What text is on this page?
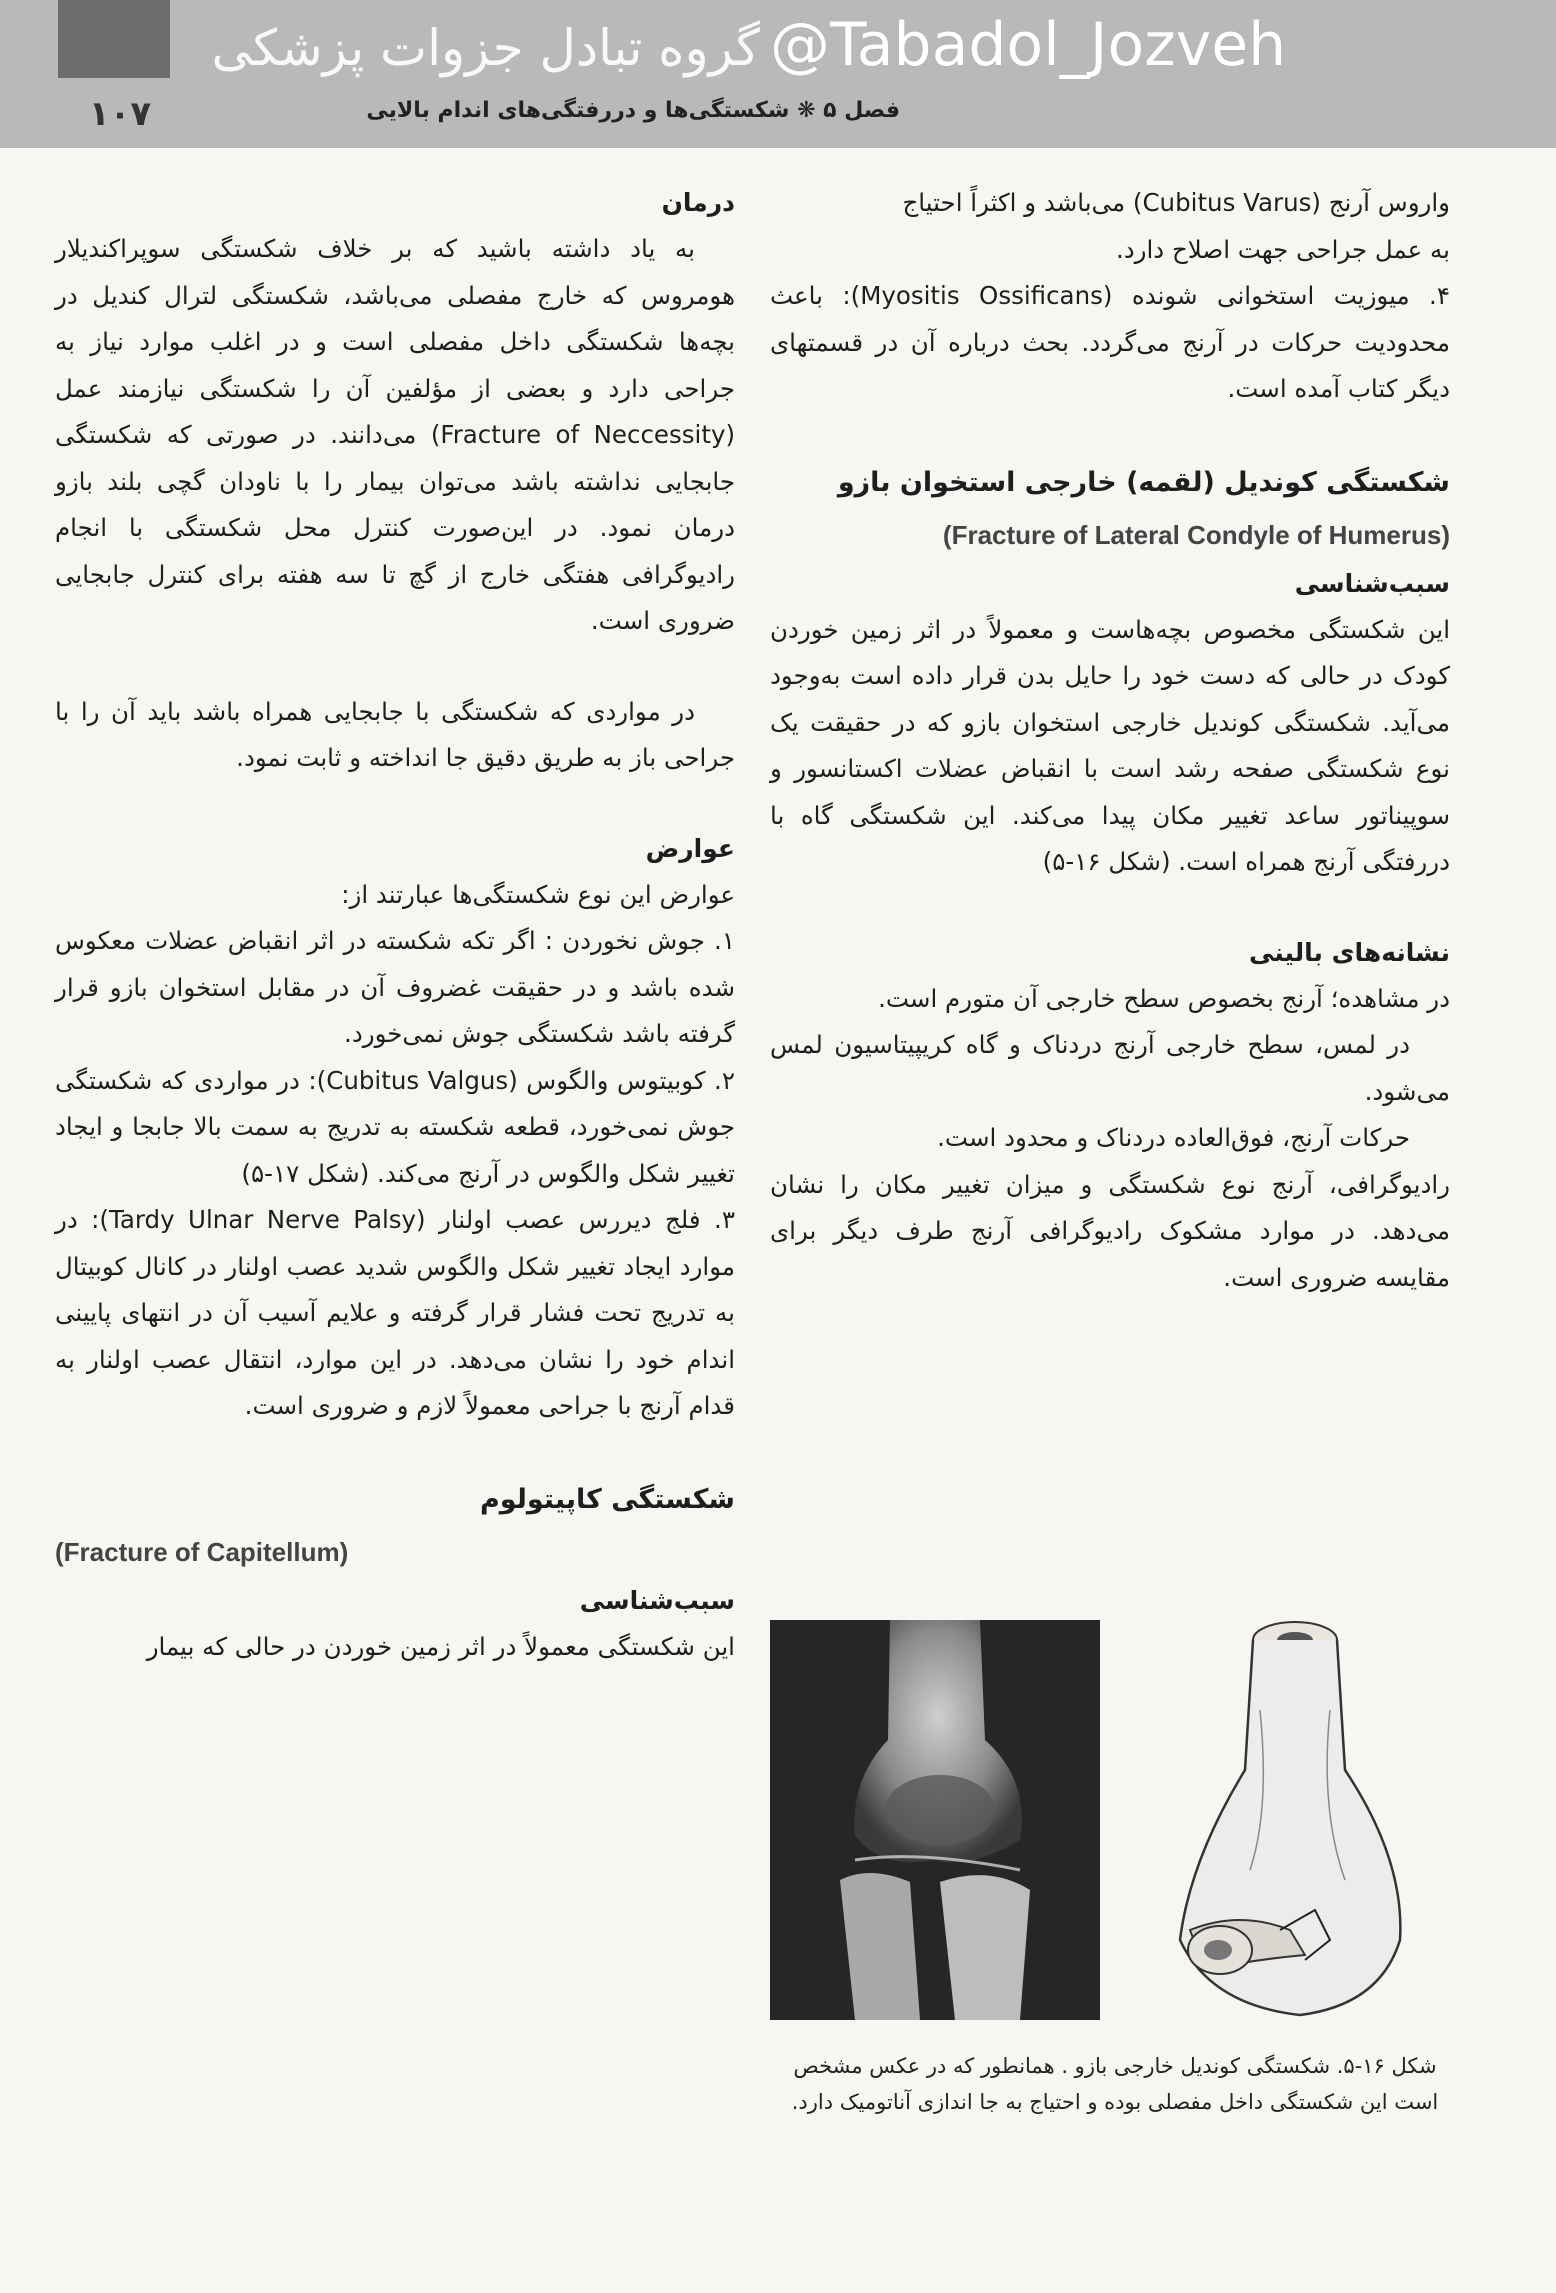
۱۰۷
گروه تبادل جزوات پزشکی @Tabadol_Jozveh
فصل ۵ ❋ شکستگی‌ها و دررفتگی‌های اندام بالایی

واروس آرنج (Cubitus Varus) می‌باشد و اکثراً احتیاج

به عمل جراحی جهت اصلاح دارد.

۴. میوزیت استخوانی شونده (Myositis Ossificans): باعث محدودیت حرکات در آرنج می‌گردد. بحث درباره آن در قسمتهای دیگر کتاب آمده است.

شکستگی کوندیل (لقمه) خارجی استخوان بازو

(Fracture of Lateral Condyle of Humerus)

سبب‌شناسی

این شکستگی مخصوص بچه‌هاست و معمولاً در اثر زمین خوردن کودک در حالی که دست خود را حایل بدن قرار داده است به‌وجود می‌آید. شکستگی کوندیل خارجی استخوان بازو که در حقیقت یک نوع شکستگی صفحه رشد است با انقباض عضلات اکستانسور و سوپیناتور ساعد تغییر مکان پیدا می‌کند. این شکستگی گاه با دررفتگی آرنج همراه است. (شکل ۱۶-۵)

نشانه‌های بالینی

در مشاهده؛ آرنج بخصوص سطح خارجی آن متورم است.

در لمس، سطح خارجی آرنج دردناک و گاه کریپیتاسیون لمس می‌شود.

حرکات آرنج، فوق‌العاده دردناک و محدود است.

رادیوگرافی، آرنج نوع شکستگی و میزان تغییر مکان را نشان می‌دهد. در موارد مشکوک رادیوگرافی آرنج طرف دیگر برای مقایسه ضروری است.

شکل ۱۶-۵. شکستگی کوندیل خارجی بازو . همانطور که در عکس مشخص است این شکستگی داخل مفصلی بوده و احتیاج به جا اندازی آناتومیک دارد.

درمان

به یاد داشته باشید که بر خلاف شکستگی سوپراکندیلار هومروس که خارج مفصلی می‌باشد، شکستگی لترال کندیل در بچه‌ها شکستگی داخل مفصلی است و در اغلب موارد نیاز به جراحی دارد و بعضی از مؤلفین آن را شکستگی نیازمند عمل (Fracture of Neccessity) می‌دانند. در صورتی که شکستگی جابجایی نداشته باشد می‌توان بیمار را با ناودان گچی بلند بازو درمان نمود. در این‌صورت کنترل محل شکستگی با انجام رادیوگرافی هفتگی خارج از گچ تا سه هفته برای کنترل جابجایی ضروری است.

در مواردی که شکستگی با جابجایی همراه باشد باید آن را با جراحی باز به طریق دقیق جا انداخته و ثابت نمود.

عوارض

عوارض این نوع شکستگی‌ها عبارتند از:

۱. جوش نخوردن : اگر تکه شکسته در اثر انقباض عضلات معکوس شده باشد و در حقیقت غضروف آن در مقابل استخوان بازو قرار گرفته باشد شکستگی جوش نمی‌خورد.

۲. کوبیتوس والگوس (Cubitus Valgus): در مواردی که شکستگی جوش نمی‌خورد، قطعه شکسته به تدریج به سمت بالا جابجا و ایجاد تغییر شکل والگوس در آرنج می‌کند. (شکل ۱۷-۵)

۳. فلج دیررس عصب اولنار (Tardy Ulnar Nerve Palsy): در موارد ایجاد تغییر شکل والگوس شدید عصب اولنار در کانال کوبیتال به تدریج تحت فشار قرار گرفته و علایم آسیب آن در انتهای پایینی اندام خود را نشان می‌دهد. در این موارد، انتقال عصب اولنار به قدام آرنج با جراحی معمولاً لازم و ضروری است.

شکستگی کاپیتولوم

(Fracture of Capitellum)

سبب‌شناسی

این شکستگی معمولاً در اثر زمین خوردن در حالی که بیمار
